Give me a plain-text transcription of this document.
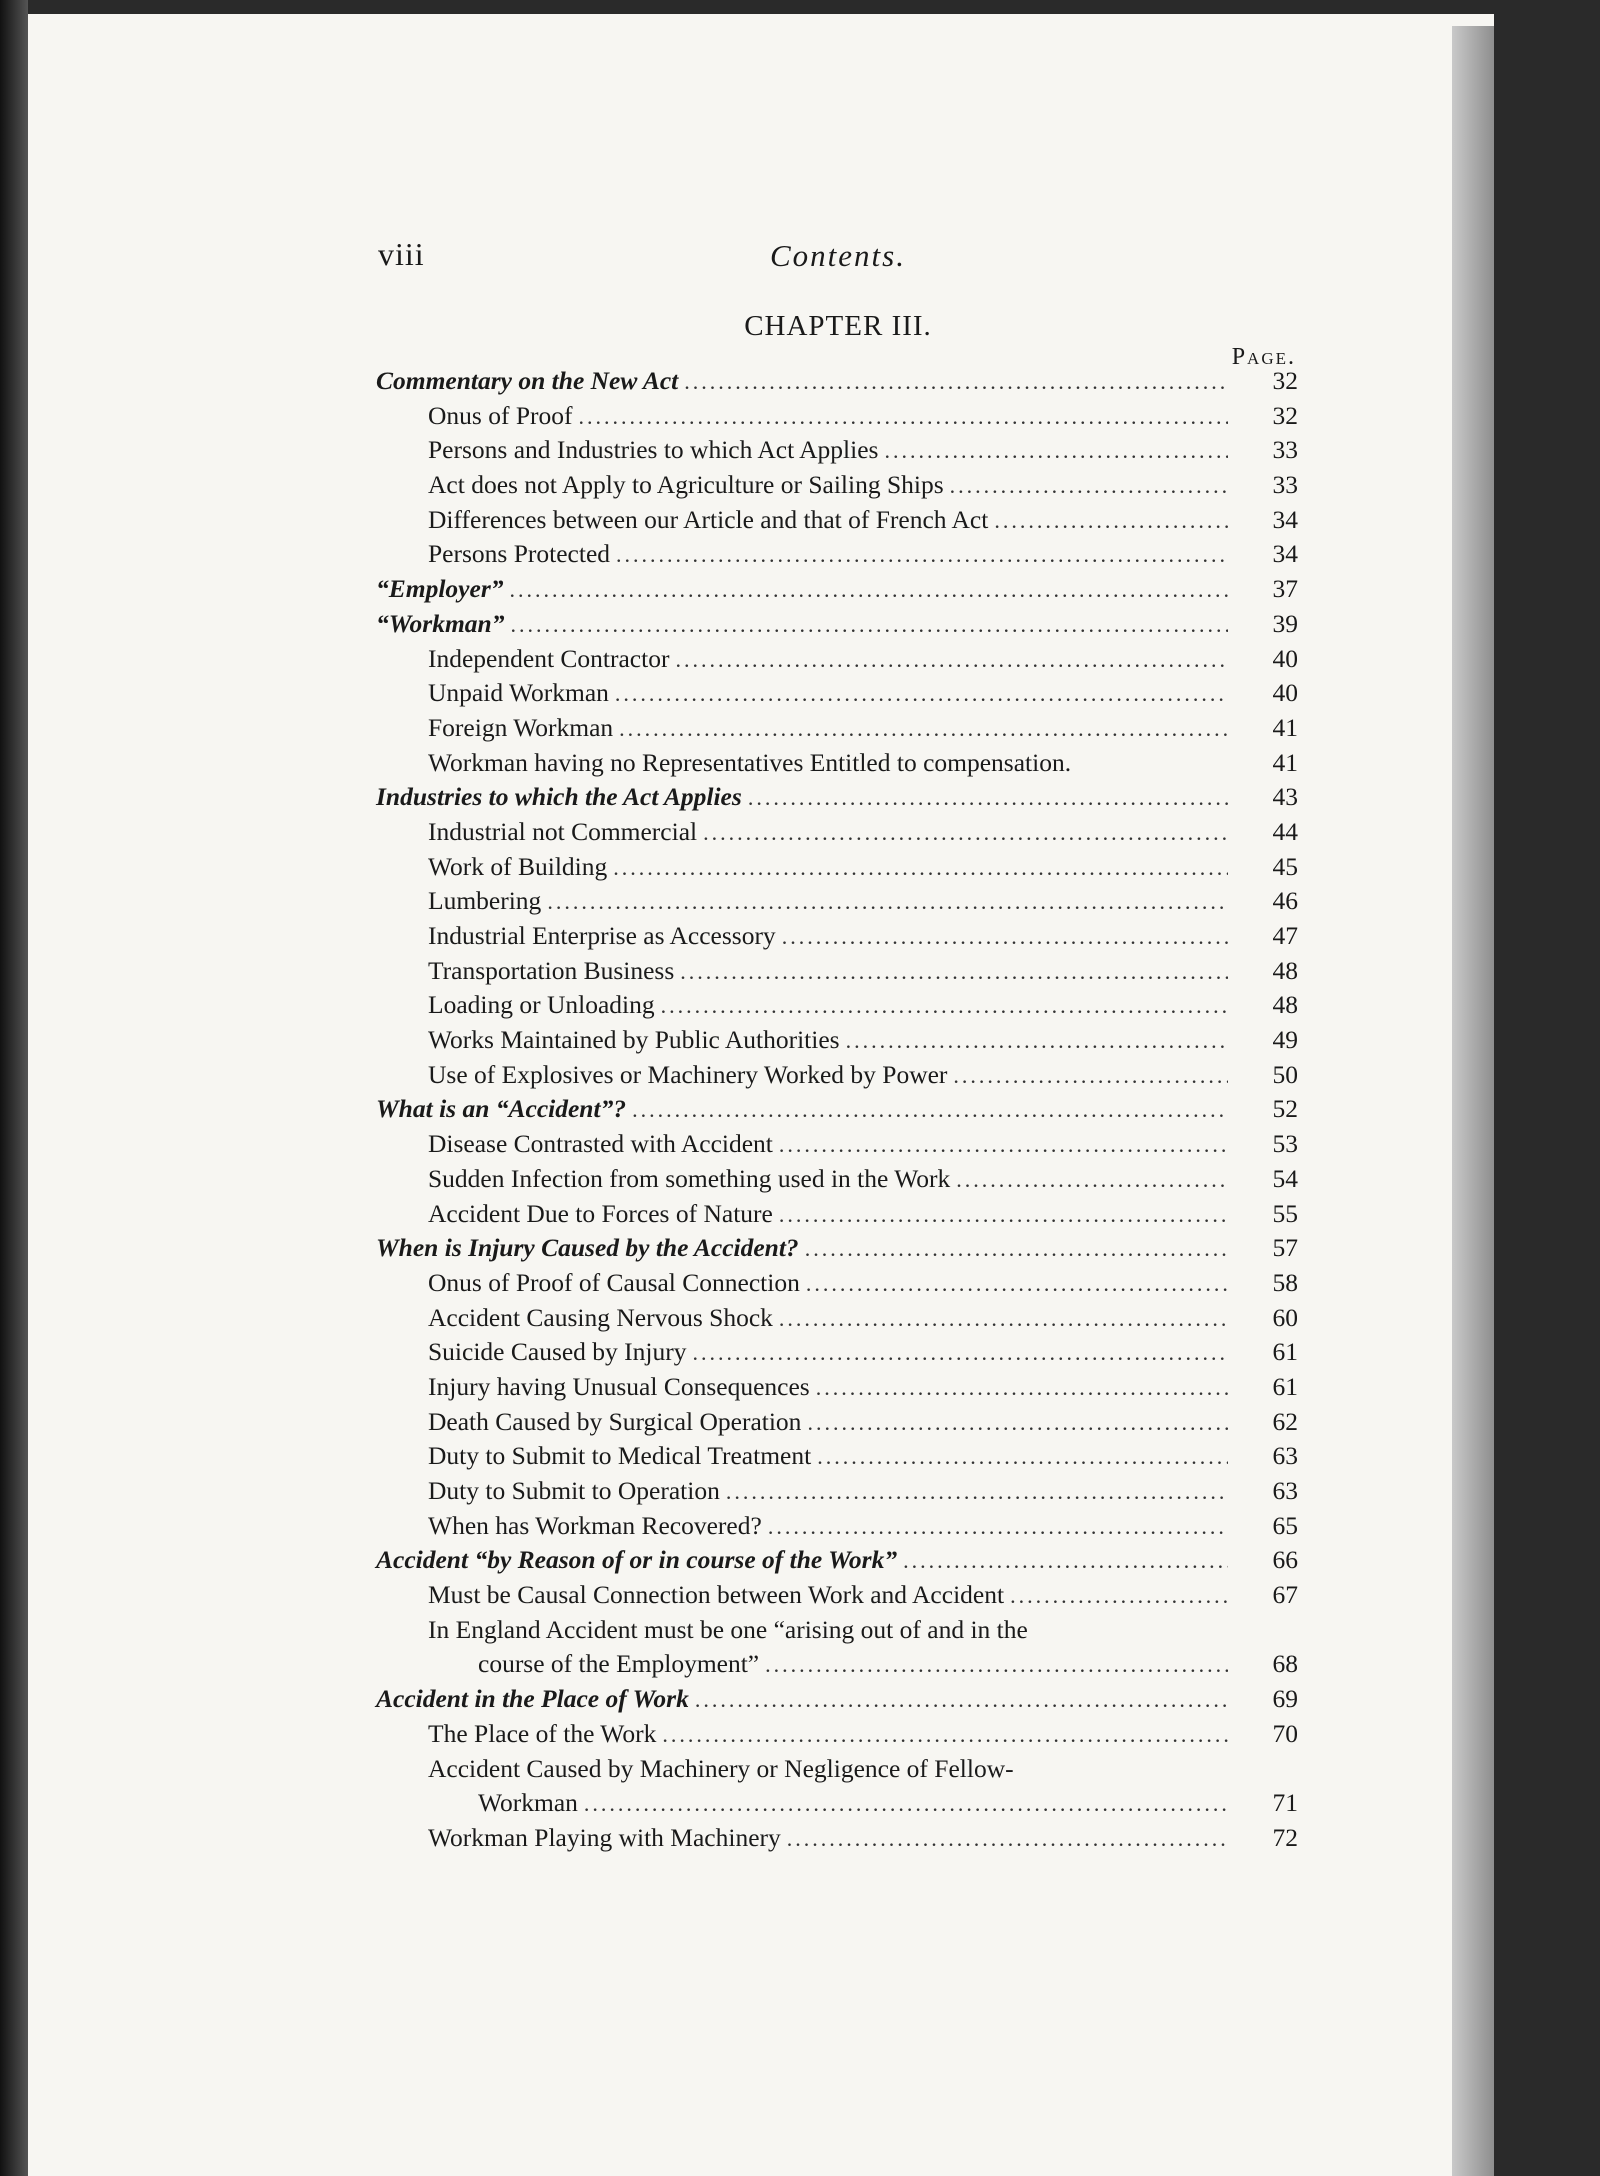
viii	Contents.
CHAPTER III.
Page.
Commentary on the New Act .....	32
Onus of Proof .....	32
Persons and Industries to which Act Applies .....	33
Act does not Apply to Agriculture or Sailing Ships .....	33
Differences between our Article and that of French Act .....	34
Persons Protected .....	34
“Employer” .....	37
“Workman” .....	39
Independent Contractor .....	40
Unpaid Workman .....	40
Foreign Workman .....	41
Workman having no Representatives Entitled to compensation.	41
Industries to which the Act Applies .....	43
Industrial not Commercial .....	44
Work of Building .....	45
Lumbering .....	46
Industrial Enterprise as Accessory .....	47
Transportation Business .....	48
Loading or Unloading .....	48
Works Maintained by Public Authorities .....	49
Use of Explosives or Machinery Worked by Power .....	50
What is an “Accident”? .....	52
Disease Contrasted with Accident .....	53
Sudden Infection from something used in the Work .....	54
Accident Due to Forces of Nature .....	55
When is Injury Caused by the Accident? .....	57
Onus of Proof of Causal Connection .....	58
Accident Causing Nervous Shock .....	60
Suicide Caused by Injury .....	61
Injury having Unusual Consequences .....	61
Death Caused by Surgical Operation .....	62
Duty to Submit to Medical Treatment .....	63
Duty to Submit to Operation .....	63
When has Workman Recovered? .....	65
Accident “by Reason of or in course of the Work” .....	66
Must be Causal Connection between Work and Accident .....	67
In England Accident must be one “arising out of and in the
course of the Employment” .....	68
Accident in the Place of Work .....	69
The Place of the Work .....	70
Accident Caused by Machinery or Negligence of Fellow-
Workman .....	71
Workman Playing with Machinery .....	72
